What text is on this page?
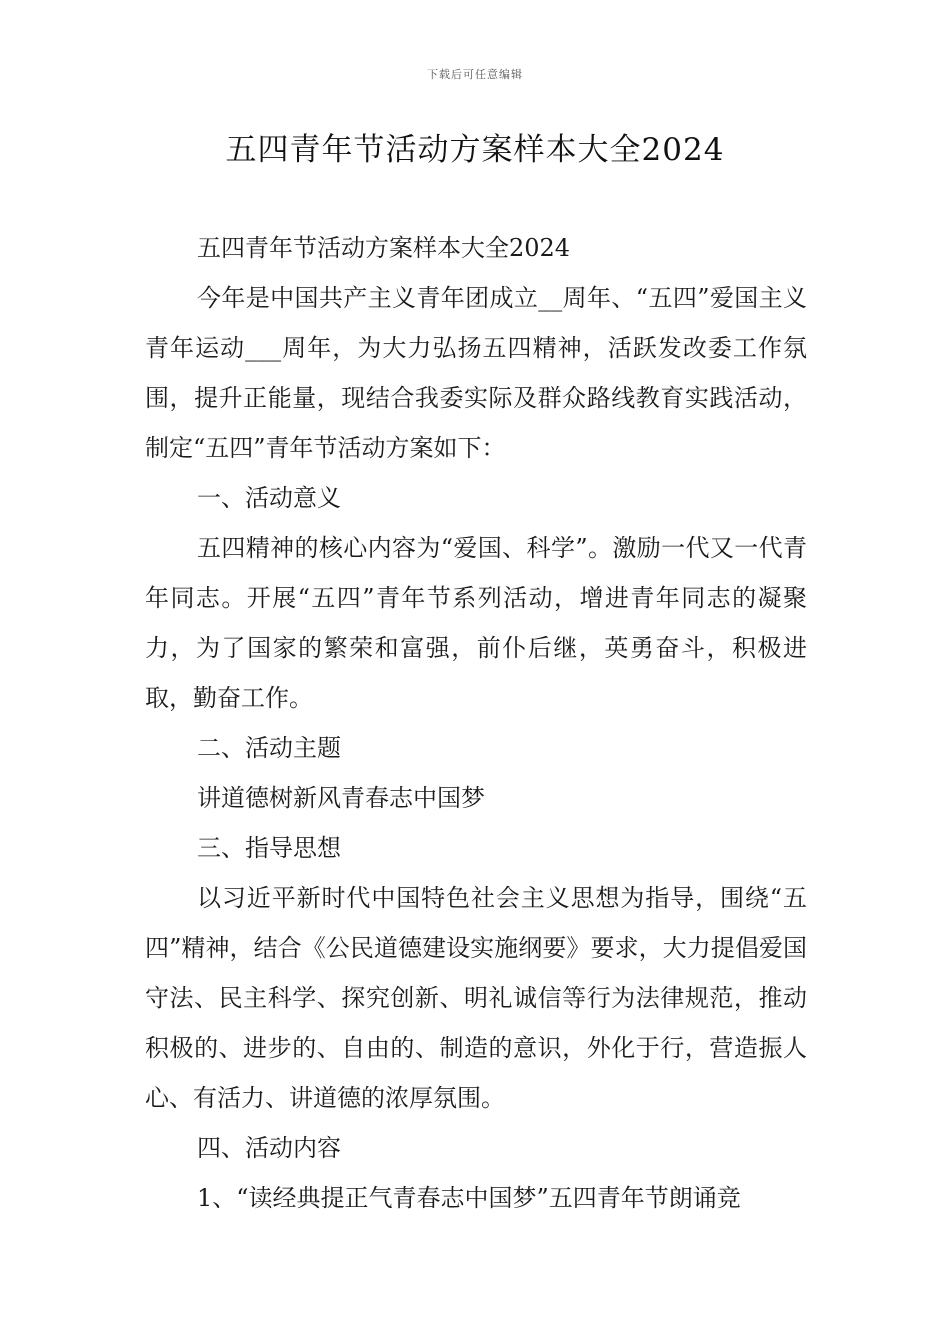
下载后可任意编辑
五四青年节活动方案样本大全2024

五四青年节活动方案样本大全2024

今年是中国共产主义青年团成立__周年、“五四”爱国主义青年运动___周年，为大力弘扬五四精神，活跃发改委工作氛围，提升正能量，现结合我委实际及群众路线教育实践活动，制定“五四”青年节活动方案如下：

一、活动意义

五四精神的核心内容为“爱国、科学”。激励一代又一代青年同志。开展“五四”青年节系列活动，增进青年同志的凝聚力，为了国家的繁荣和富强，前仆后继，英勇奋斗，积极进取，勤奋工作。

二、活动主题

讲道德树新风青春志中国梦

三、指导思想

以习近平新时代中国特色社会主义思想为指导，围绕“五四”精神，结合《公民道德建设实施纲要》要求，大力提倡爱国守法、民主科学、探究创新、明礼诚信等行为法律规范，推动积极的、进步的、自由的、制造的意识，外化于行，营造振人心、有活力、讲道德的浓厚氛围。

四、活动内容

1、“读经典提正气青春志中国梦”五四青年节朗诵竞
